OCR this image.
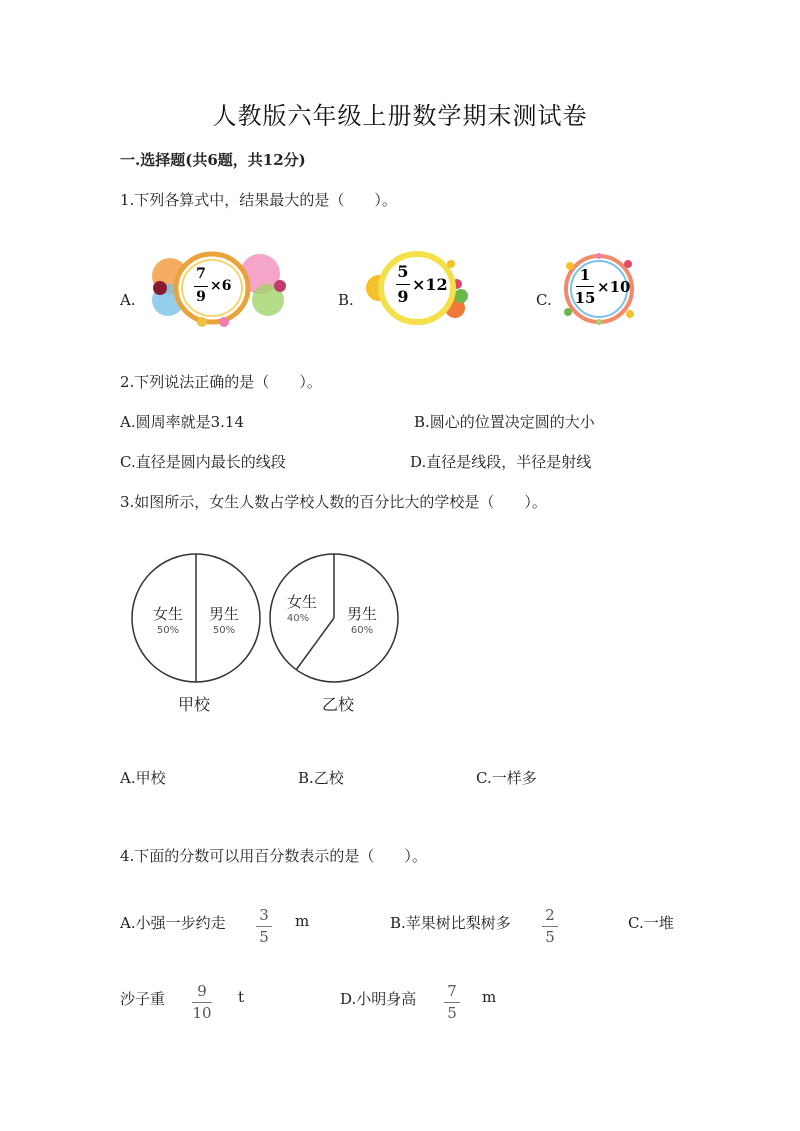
人教版六年级上册数学期末测试卷
一.选择题(共6题，共12分)
1.下列各算式中，结果最大的是（　　）。
A.
7
9
×6
B.
5
9
×12
C.
1
15
×10
2.下列说法正确的是（　　）。
A.圆周率就是3.14	B.圆心的位置决定圆的大小
C.直径是圆内最长的线段	D.直径是线段，半径是射线
3.如图所示，女生人数占学校人数的百分比大的学校是（　　）。
女生
50%
男生
50%
甲校
女生
40%	男生
60%
乙校
A.甲校	B.乙校	C.一样多
4.下面的分数可以用百分数表示的是（　　）。
A.小强一步约走 3
5
m	B.苹果树比梨树多 2
5
C.一堆
沙子重 9
10
t	D.小明身高 7
5
m
